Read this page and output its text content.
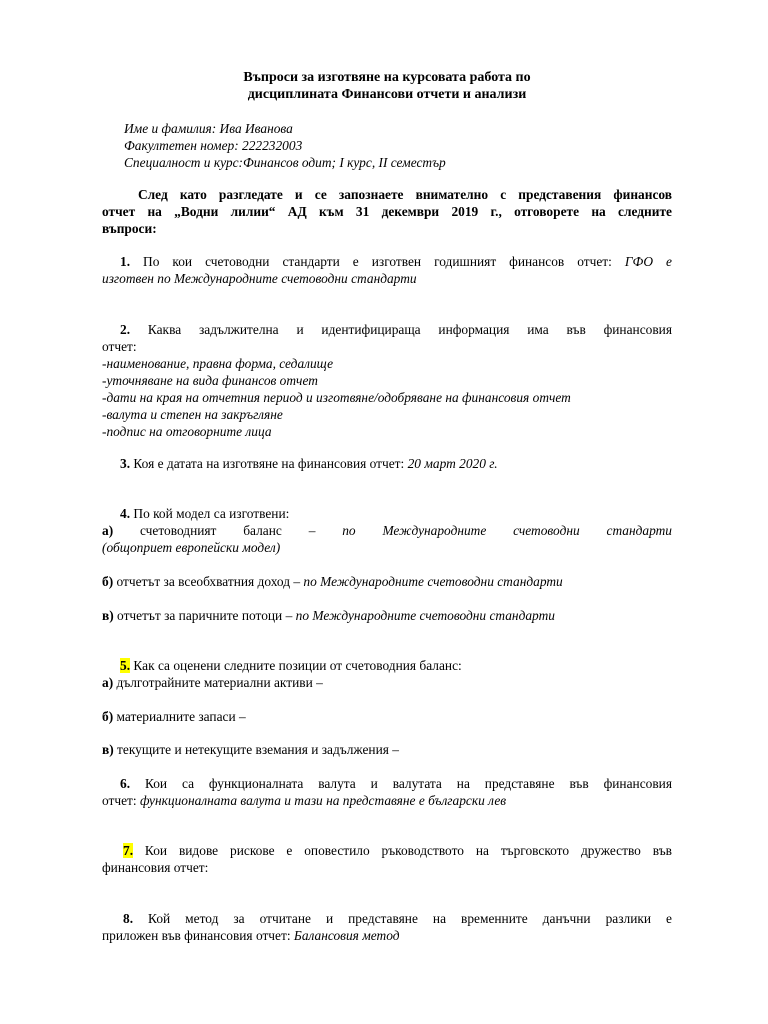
Въпроси за изготвяне на курсовата работа по
дисциплината Финансови отчети и анализи
Име и фамилия: Ива Иванова
Факултетен номер: 222232003
Специалност и курс:Финансов одит; I курс, II семестър
След като разгледате и се запознаете внимателно с представения финансов
отчет на „Водни лилии“ АД към 31 декември 2019 г., отговорете на следните
въпроси:
1. По кои счетоводни стандарти е изготвен годишният финансов отчет: ГФО е
изготвен по Международните счетоводни стандарти
2. Каква задължителна и идентифицираща информация има във финансовия
отчет:
-наименование, правна форма, седалище
-уточняване на вида финансов отчет
-дати на края на отчетния период и изготвяне/одобряване на финансовия отчет
-валута и степен на закръгляне
-подпис на отговорните лица
3. Коя е датата на изготвяне на финансовия отчет: 20 март 2020 г.
4. По кой модел са изготвени:
а) счетоводният баланс – по Международните счетоводни стандарти
(общоприет европейски модел)
б) отчетът за всеобхватния доход – по Международните счетоводни стандарти
в) отчетът за паричните потоци – по Международните счетоводни стандарти
5. Как са оценени следните позиции от счетоводния баланс:
а) дълготрайните материални активи –
б) материалните запаси –
в) текущите и нетекущите вземания и задължения –
6. Кои са функционалната валута и валутата на представяне във финансовия
отчет: функционалната валута и тази на представяне е български лев
7. Кои видове рискове е оповестило ръководството на търговското дружество във
финансовия отчет:
8. Кой метод за отчитане и представяне на временните данъчни разлики е
приложен във финансовия отчет: Балансовия метод
